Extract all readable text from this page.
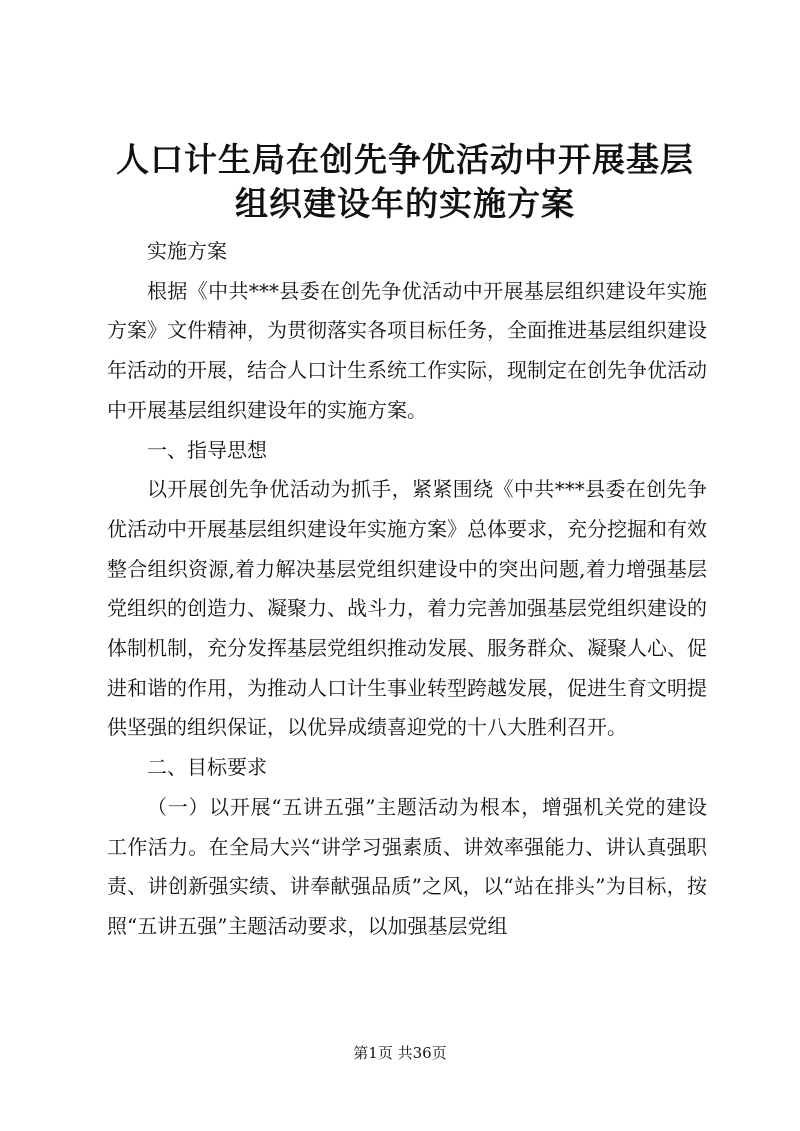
人口计生局在创先争优活动中开展基层组织建设年的实施方案

实施方案

根据《中共***县委在创先争优活动中开展基层组织建设年实施方案》文件精神，为贯彻落实各项目标任务，全面推进基层组织建设年活动的开展，结合人口计生系统工作实际，现制定在创先争优活动中开展基层组织建设年的实施方案。

一、指导思想

以开展创先争优活动为抓手，紧紧围绕《中共***县委在创先争优活动中开展基层组织建设年实施方案》总体要求，充分挖掘和有效整合组织资源,着力解决基层党组织建设中的突出问题,着力增强基层党组织的创造力、凝聚力、战斗力，着力完善加强基层党组织建设的体制机制，充分发挥基层党组织推动发展、服务群众、凝聚人心、促进和谐的作用，为推动人口计生事业转型跨越发展，促进生育文明提供坚强的组织保证，以优异成绩喜迎党的十八大胜利召开。

二、目标要求

（一）以开展“五讲五强”主题活动为根本，增强机关党的建设工作活力。在全局大兴“讲学习强素质、讲效率强能力、讲认真强职责、讲创新强实绩、讲奉献强品质”之风，以“站在排头”为目标，按照“五讲五强”主题活动要求，以加强基层党组

第1页 共36页
